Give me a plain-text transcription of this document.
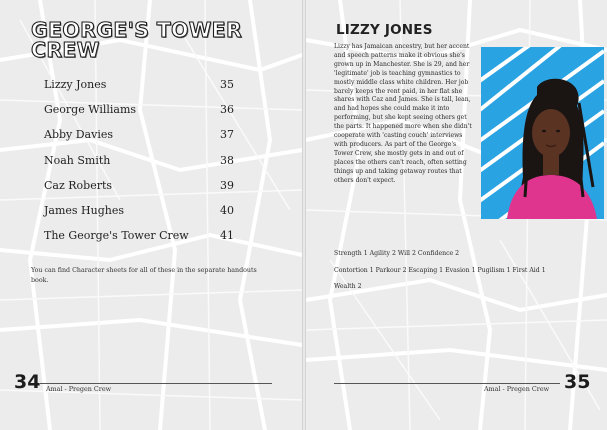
GEORGE'S TOWER CREW
Lizzy Jones	35
George Williams	36
Abby Davies	37
Noah Smith	38
Caz Roberts	39
James Hughes	40
The George's Tower Crew	41
You can find Character sheets for all of these in the separate handouts book.
34 Amal - Pregen Crew
LIZZY JONES
Lizzy has Jamaican ancestry, but her accent and speech patterns make it obvious she's grown up in Manchester. She is 29, and her 'legitimate' job is teaching gymnastics to mostly middle class white children. Her job barely keeps the rent paid, in her flat she shares with Caz and James. She is tall, lean, and had hopes she could make it into performing, but she kept seeing others get the parts. It happened more when she didn't cooperate with 'casting couch' interviews with producers. As part of the George's Tower Crew, she mostly gets in and out of places the others can't reach, often setting things up and taking getaway routes that others don't expect.
Strength 1 Agility 2 Will 2 Confidence 2
Contortion 1 Parkour 2 Escaping 1 Evasion 1 Pugilism 1 First Aid 1
Wealth 2
Amal - Pregen Crew 35
